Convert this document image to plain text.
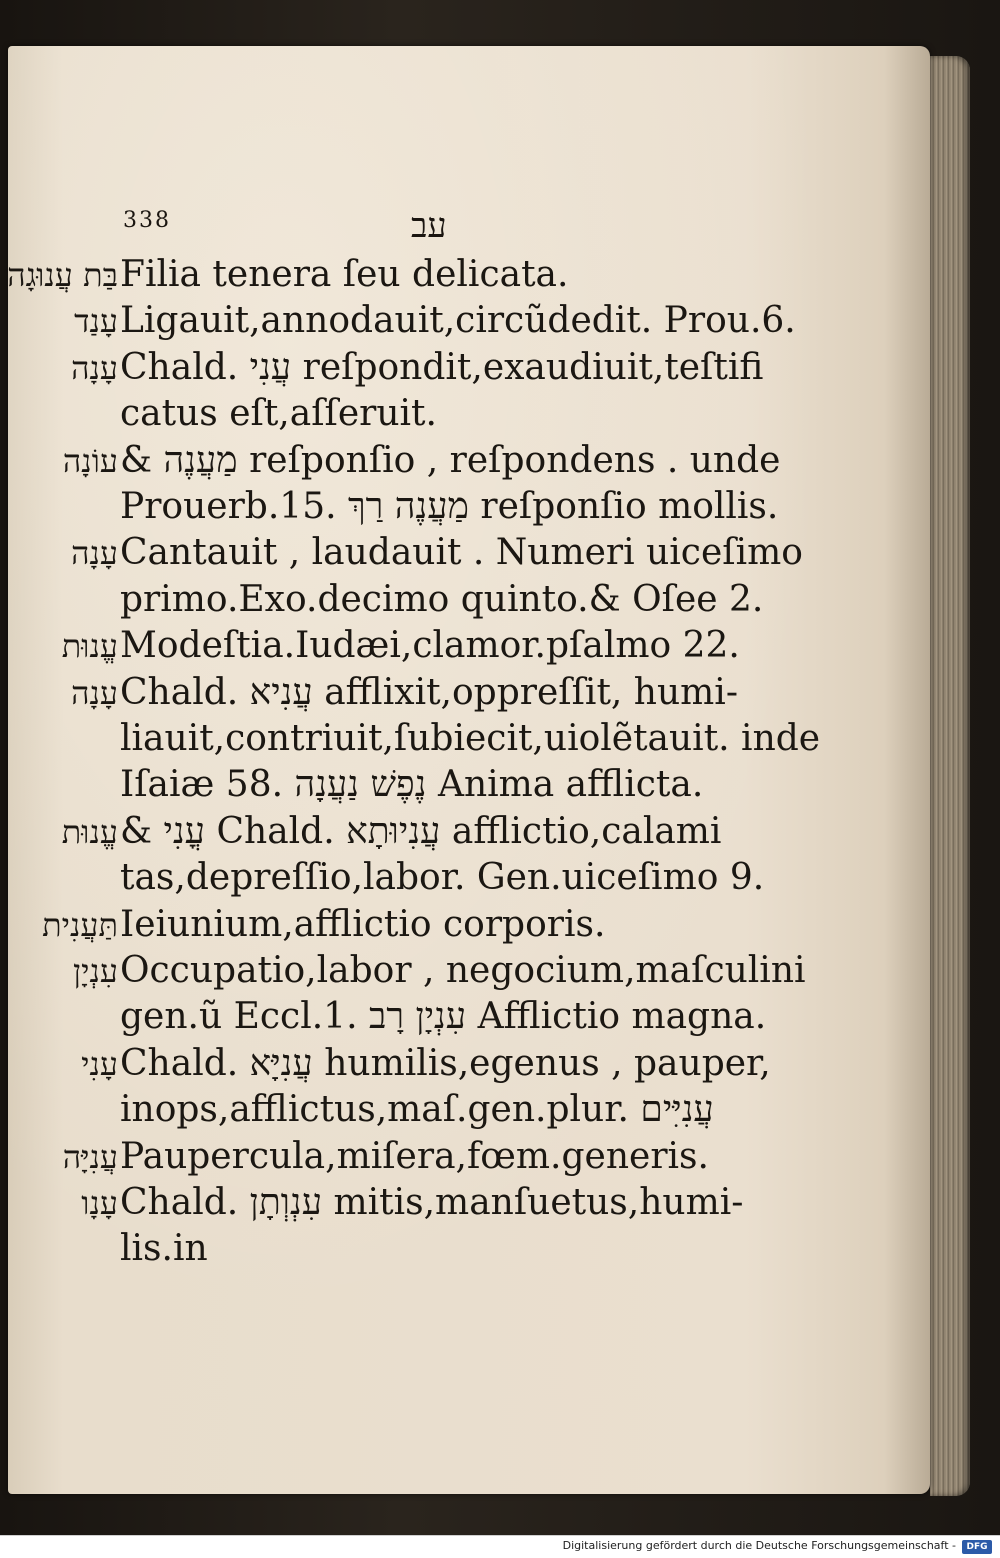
338	עב
בַּת עֲנוּגָה Filia tenera ſeu delicata.
עָנַד Ligauit,annodauit,circũdedit. Prou.6.
עָנָה Chald. עֲנִי reſpondit,exaudiuit,teſtifi
catus eſt,aſſeruit.
עוֹנָה & מַעֲנֶה reſponſio , reſpondens . unde
Prouerb.15. מַעֲנֶה רַךְ reſponſio mollis.
עָנָה Cantauit , laudauit . Numeri uiceſimo
primo.Exo.decimo quinto.& Oſee 2.
עֱנוּת Modeſtia.Iudæi,clamor.pſalmo 22.
עָנָה Chald. עֲנִיא afflixit,oppreſſit, humi-
liauit,contriuit,ſubiecit,uiolẽtauit. inde
Iſaiæ 58. נֶפֶשׁ נַעֲנָה Anima afflicta.
עֱנוּת & עֳנִי Chald. עֲנִיוּתָא afflictio,calami
tas,depreſſio,labor. Gen.uiceſimo 9.
תַּעֲנִית Ieiunium,afflictio corporis.
עִנְיָן Occupatio,labor , negocium,maſculini
gen.ũ Eccl.1. עִנְיָן רָב Afflictio magna.
עָנִי Chald. עֲנִיָּא humilis,egenus , pauper,
inops,afflictus,maſ.gen.plur. עֲנִיִּים
עֲנִיָּה Paupercula,miſera,fœm.generis.
עָנָו Chald. עִנְוְתָן mitis,manſuetus,humi-
lis.in
Digitalisierung gefördert durch die Deutsche Forschungsgemeinschaft -	DFG
